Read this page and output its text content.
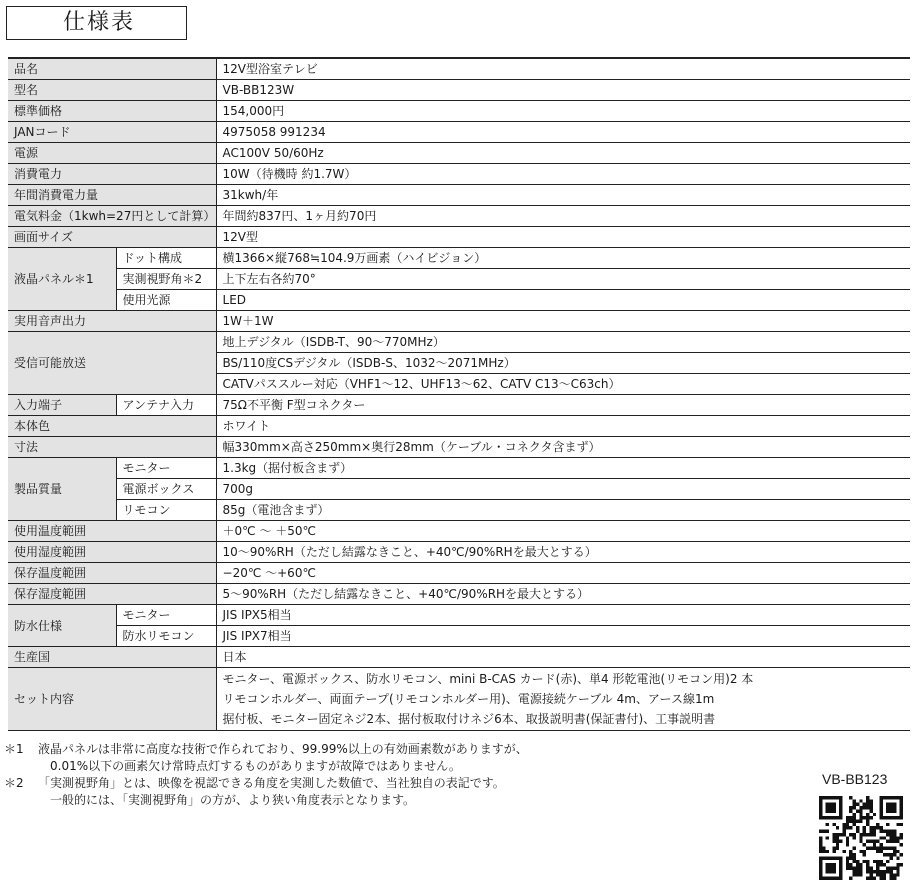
仕様表
品名		12V型浴室テレビ
型名		VB-BB123W
標準価格		154,000円
JANコード		4975058 991234
電源		AC100V 50/60Hz
消費電力		10W（待機時 約1.7W）
年間消費電力量		31kwh/年
電気料金（1kwh=27円として計算）		年間約837円、1ヶ月約70円
画面サイズ		12V型
液晶パネル＊1	ドット構成	横1366×縦768≒104.9万画素（ハイビジョン）
	実測視野角＊2	上下左右各約70°
	使用光源	LED
実用音声出力		1W＋1W
受信可能放送		地上デジタル（ISDB-T、90〜770MHz）
		BS/110度CSデジタル（ISDB-S、1032〜2071MHz）
		CATVパススルー対応（VHF1〜12、UHF13〜62、CATV C13〜C63ch）
入力端子	アンテナ入力	75Ω不平衡 F型コネクター
本体色		ホワイト
寸法		幅330mm×高さ250mm×奥行28mm（ケーブル・コネクタ含まず）
製品質量	モニター	1.3kg（据付板含まず）
	電源ボックス	700g
	リモコン	85g（電池含まず）
使用温度範囲		＋0℃ 〜 ＋50℃
使用湿度範囲		10〜90%RH（ただし結露なきこと、+40℃/90%RHを最大とする）
保存温度範囲		−20℃ 〜+60℃
保存湿度範囲		5〜90%RH（ただし結露なきこと、+40℃/90%RHを最大とする）
防水仕様	モニター	JIS IPX5相当
	防水リモコン	JIS IPX7相当
生産国		日本
セット内容		モニター、電源ボックス、防水リモコン、mini B-CAS カード(赤)、単4 形乾電池(リモコン用)2 本
リモコンホルダー、両面テープ(リモコンホルダー用)、電源接続ケーブル 4m、アース線1m
据付板、モニター固定ネジ2本、据付板取付けネジ6本、取扱説明書(保証書付)、工事説明書
＊1	液晶パネルは非常に高度な技術で作られており、99.99%以上の有効画素数がありますが、
0.01%以下の画素欠け常時点灯するものがありますが故障ではありません。
＊2	「実測視野角」とは、映像を視認できる角度を実測した数値で、当社独自の表記です。
一般的には、「実測視野角」の方が、より狭い角度表示となります。
VB-BB123
